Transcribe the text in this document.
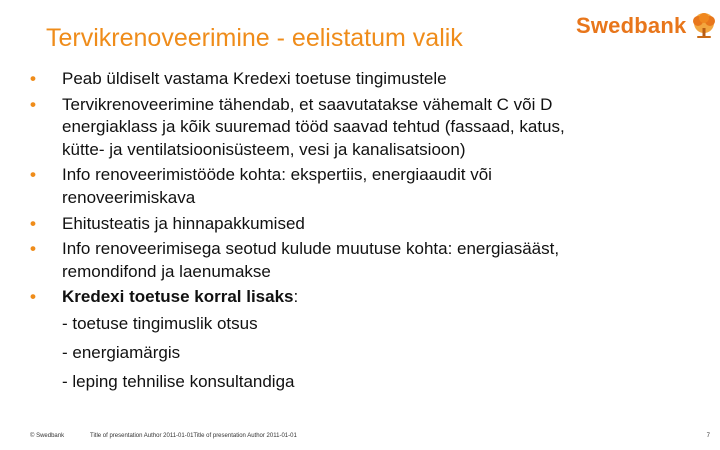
Tervikrenoveerimine - eelistatum valik	Swedbank
• Peab üldiselt vastama Kredexi toetuse tingimustele
• Tervikrenoveerimine tähendab, et saavutatakse vähemalt C või D
energiaklass ja kõik suuremad tööd saavad tehtud (fassaad, katus,
kütte- ja ventilatsioonisüsteem, vesi ja kanalisatsioon)
• Info renoveerimistööde kohta: ekspertiis, energiaaudit või
renoveerimiskava
• Ehitusteatis ja hinnapakkumised
• Info renoveerimisega seotud kulude muutuse kohta: energiasääst,
remondifond ja laenumakse
• Kredexi toetuse korral lisaks:
- toetuse tingimuslik otsus
- energiamärgis
- leping tehnilise konsultandiga
© Swedbank	Title of presentation Author 2011-01-01Title of presentation Author 2011-01-01	7
